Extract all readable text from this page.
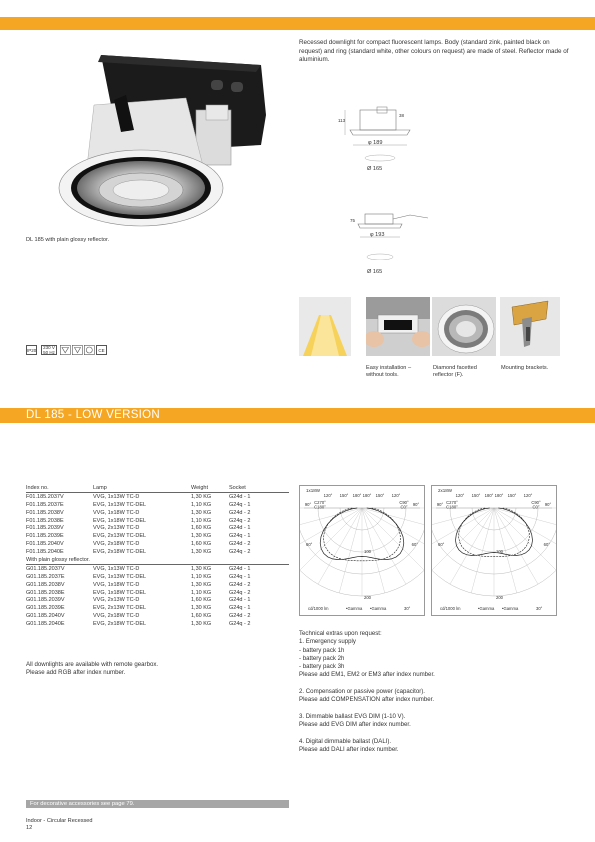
DL 185 with plain glossy reflector.
Recessed downlight for compact fluorescent lamps. Body (standard zink, painted black on request) and ring (standard white, other colours on request) are made of steel. Reflector made of aluminium.
113
38
φ 189
Ø 165
75
φ 193
Ø 165
IP20
230 V
50 Hz	CE
Easy installation –
without tools.
Diamond facetted
reflector (F).
Mounting brackets.
DL 185 - LOW VERSION
Index no.	Lamp	Weight	Socket
F01.185.2037V	VVG, 1x13W TC-D	1,30 KG	G24d - 1
F01.185.2037E	EVG, 1x13W TC-DEL	1,10 KG	G24q - 1
F01.185.2038V	VVG, 1x18W TC-D	1,30 KG	G24d - 2
F01.185.2038E	EVG, 1x18W TC-DEL	1,10 KG	G24q - 2
F01.185.2039V	VVG, 2x13W TC-D	1,60 KG	G24d - 1
F01.185.2039E	EVG, 2x13W TC-DEL	1,30 KG	G24q - 1
F01.185.2040V	VVG, 2x18W TC-D	1,60 KG	G24d - 2
F01.185.2040E	EVG, 2x18W TC-DEL	1,30 KG	G24q - 2
With plain glossy reflector.			
G01.185.2037V	VVG, 1x13W TC-D	1,30 KG	G24d - 1
G01.185.2037E	EVG, 1x13W TC-DEL	1,10 KG	G24q - 1
G01.185.2038V	VVG, 1x18W TC-D	1,30 KG	G24d - 2
G01.185.2038E	EVG, 1x18W TC-DEL	1,10 KG	G24q - 2
G01.185.2039V	VVG, 2x13W TC-D	1,60 KG	G24d - 1
G01.185.2039E	EVG, 2x13W TC-DEL	1,30 KG	G24q - 1
G01.185.2040V	VVG, 2x18W TC-D	1,60 KG	G24d - 2
G01.185.2040E	EVG, 2x18W TC-DEL	1,30 KG	G24q - 2
All downlights are available with remote gearbox.
Please add RGB after index number.
1x18W
90°	90°
120°	120°
150°	150°
180° 180°
C270°
C180°
C90°
C0°
60°	60°
100
200
cd/1000 lm	•Gamma •Gamma	30°
2x18W
90°	90°
120°	120°
150°	150°
180° 180°
C270°
C180°
C90°
C0°
60°	60°
100
200
cd/1000 lm	•Gamma •Gamma	30°
Technical extras upon request:
1. Emergency supply
- battery pack 1h
- battery pack 2h
- battery pack 3h
Please add EM1, EM2 or EM3 after index number.

2. Compensation or passive power (capacitor).
Please add COMPENSATION after index number.

3. Dimmable ballast EVG DIM (1-10 V).
Please add EVG DIM after index number.

4. Digital dimmable ballast (DALI).
Please add DALI after index number.
For decorative accessories see page 79.
Indoor - Circular Recessed
12
